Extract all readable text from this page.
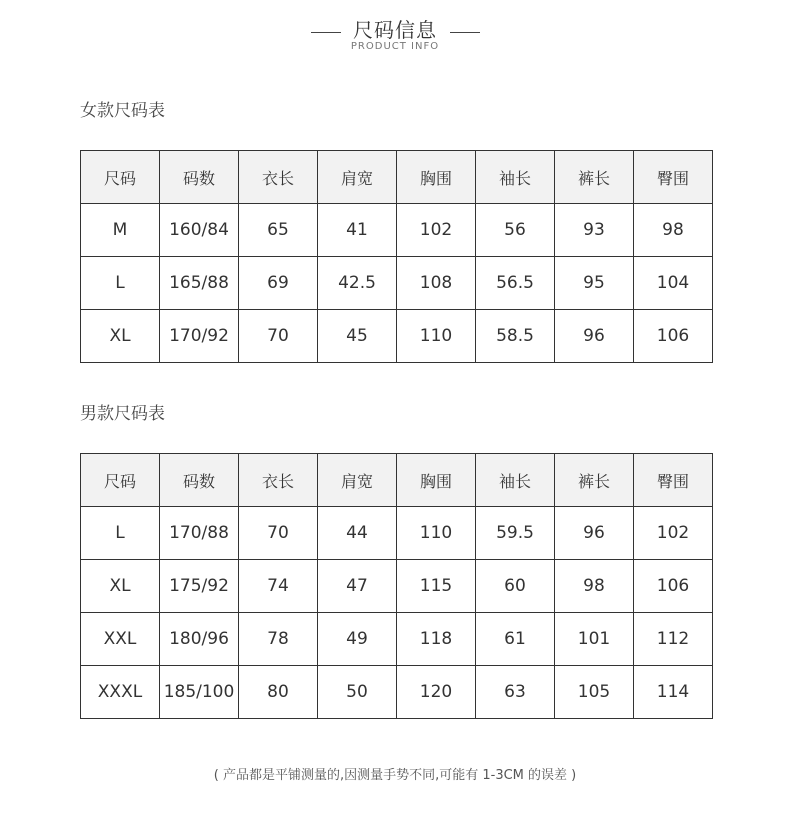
尺码信息
PRODUCT INFO
女款尺码表
尺码	码数	衣长	肩宽	胸围	袖长	裤长	臀围
M	160/84	65	41	102	56	93	98
L	165/88	69	42.5	108	56.5	95	104
XL	170/92	70	45	110	58.5	96	106
男款尺码表
尺码	码数	衣长	肩宽	胸围	袖长	裤长	臀围
L	170/88	70	44	110	59.5	96	102
XL	175/92	74	47	115	60	98	106
XXL	180/96	78	49	118	61	101	112
XXXL	185/100	80	50	120	63	105	114
( 产品都是平铺测量的,因测量手势不同,可能有 1-3CM 的误差 )
